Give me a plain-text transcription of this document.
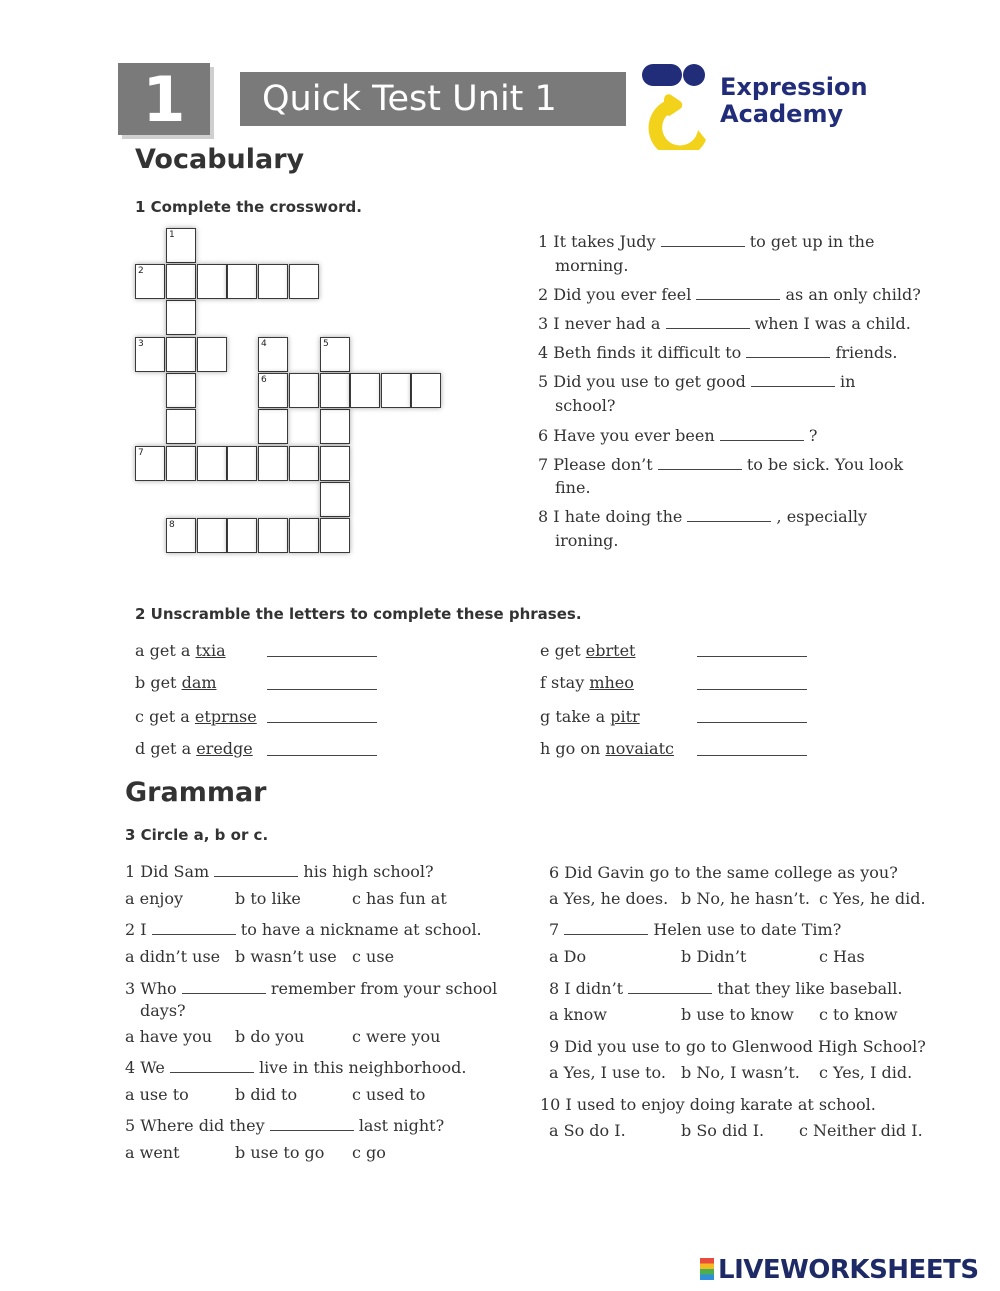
1	Quick Test Unit 1	Expression
Academy
Vocabulary
1 Complete the crossword.
1
2
3	4	5
6
7
8
1 It takes Judy	to get up in the
morning.
2 Did you ever feel	as an only child?
3 I never had a	when I was a child.
4 Beth finds it difficult to	friends.
5 Did you use to get good	in
school?
6 Have you ever been	?
7 Please don’t	to be sick. You look
fine.
8 I hate doing the	, especially
ironing.
2 Unscramble the letters to complete these phrases.
a get a txia
b get dam
c get a etprnse
d get a eredge
e get ebrtet
f stay mheo
g take a pitr
h go on novaiatc
Grammar
3 Circle a, b or c.
1 Did Sam	his high school?
a enjoy	b to like	c has fun at
2 I	to have a nickname at school.
a didn’t use b wasn’t use c use
3 Who	remember from your school
days?
a have you b do you	c were you
4 We	live in this neighborhood.
a use to	b did to	c used to
5 Where did they	last night?
a went	b use to go c go
6 Did Gavin go to the same college as you?
a Yes, he does. b No, he hasn’t. c Yes, he did.
7	Helen use to date Tim?
a Do	b Didn’t	c Has
8 I didn’t	that they like baseball.
a know	b use to know c to know
9 Did you use to go to Glenwood High School?
a Yes, I use to. b No, I wasn’t. c Yes, I did.
10 I used to enjoy doing karate at school.
a So do I.	b So did I. c Neither did I.
LIVEWORKSHEETS
